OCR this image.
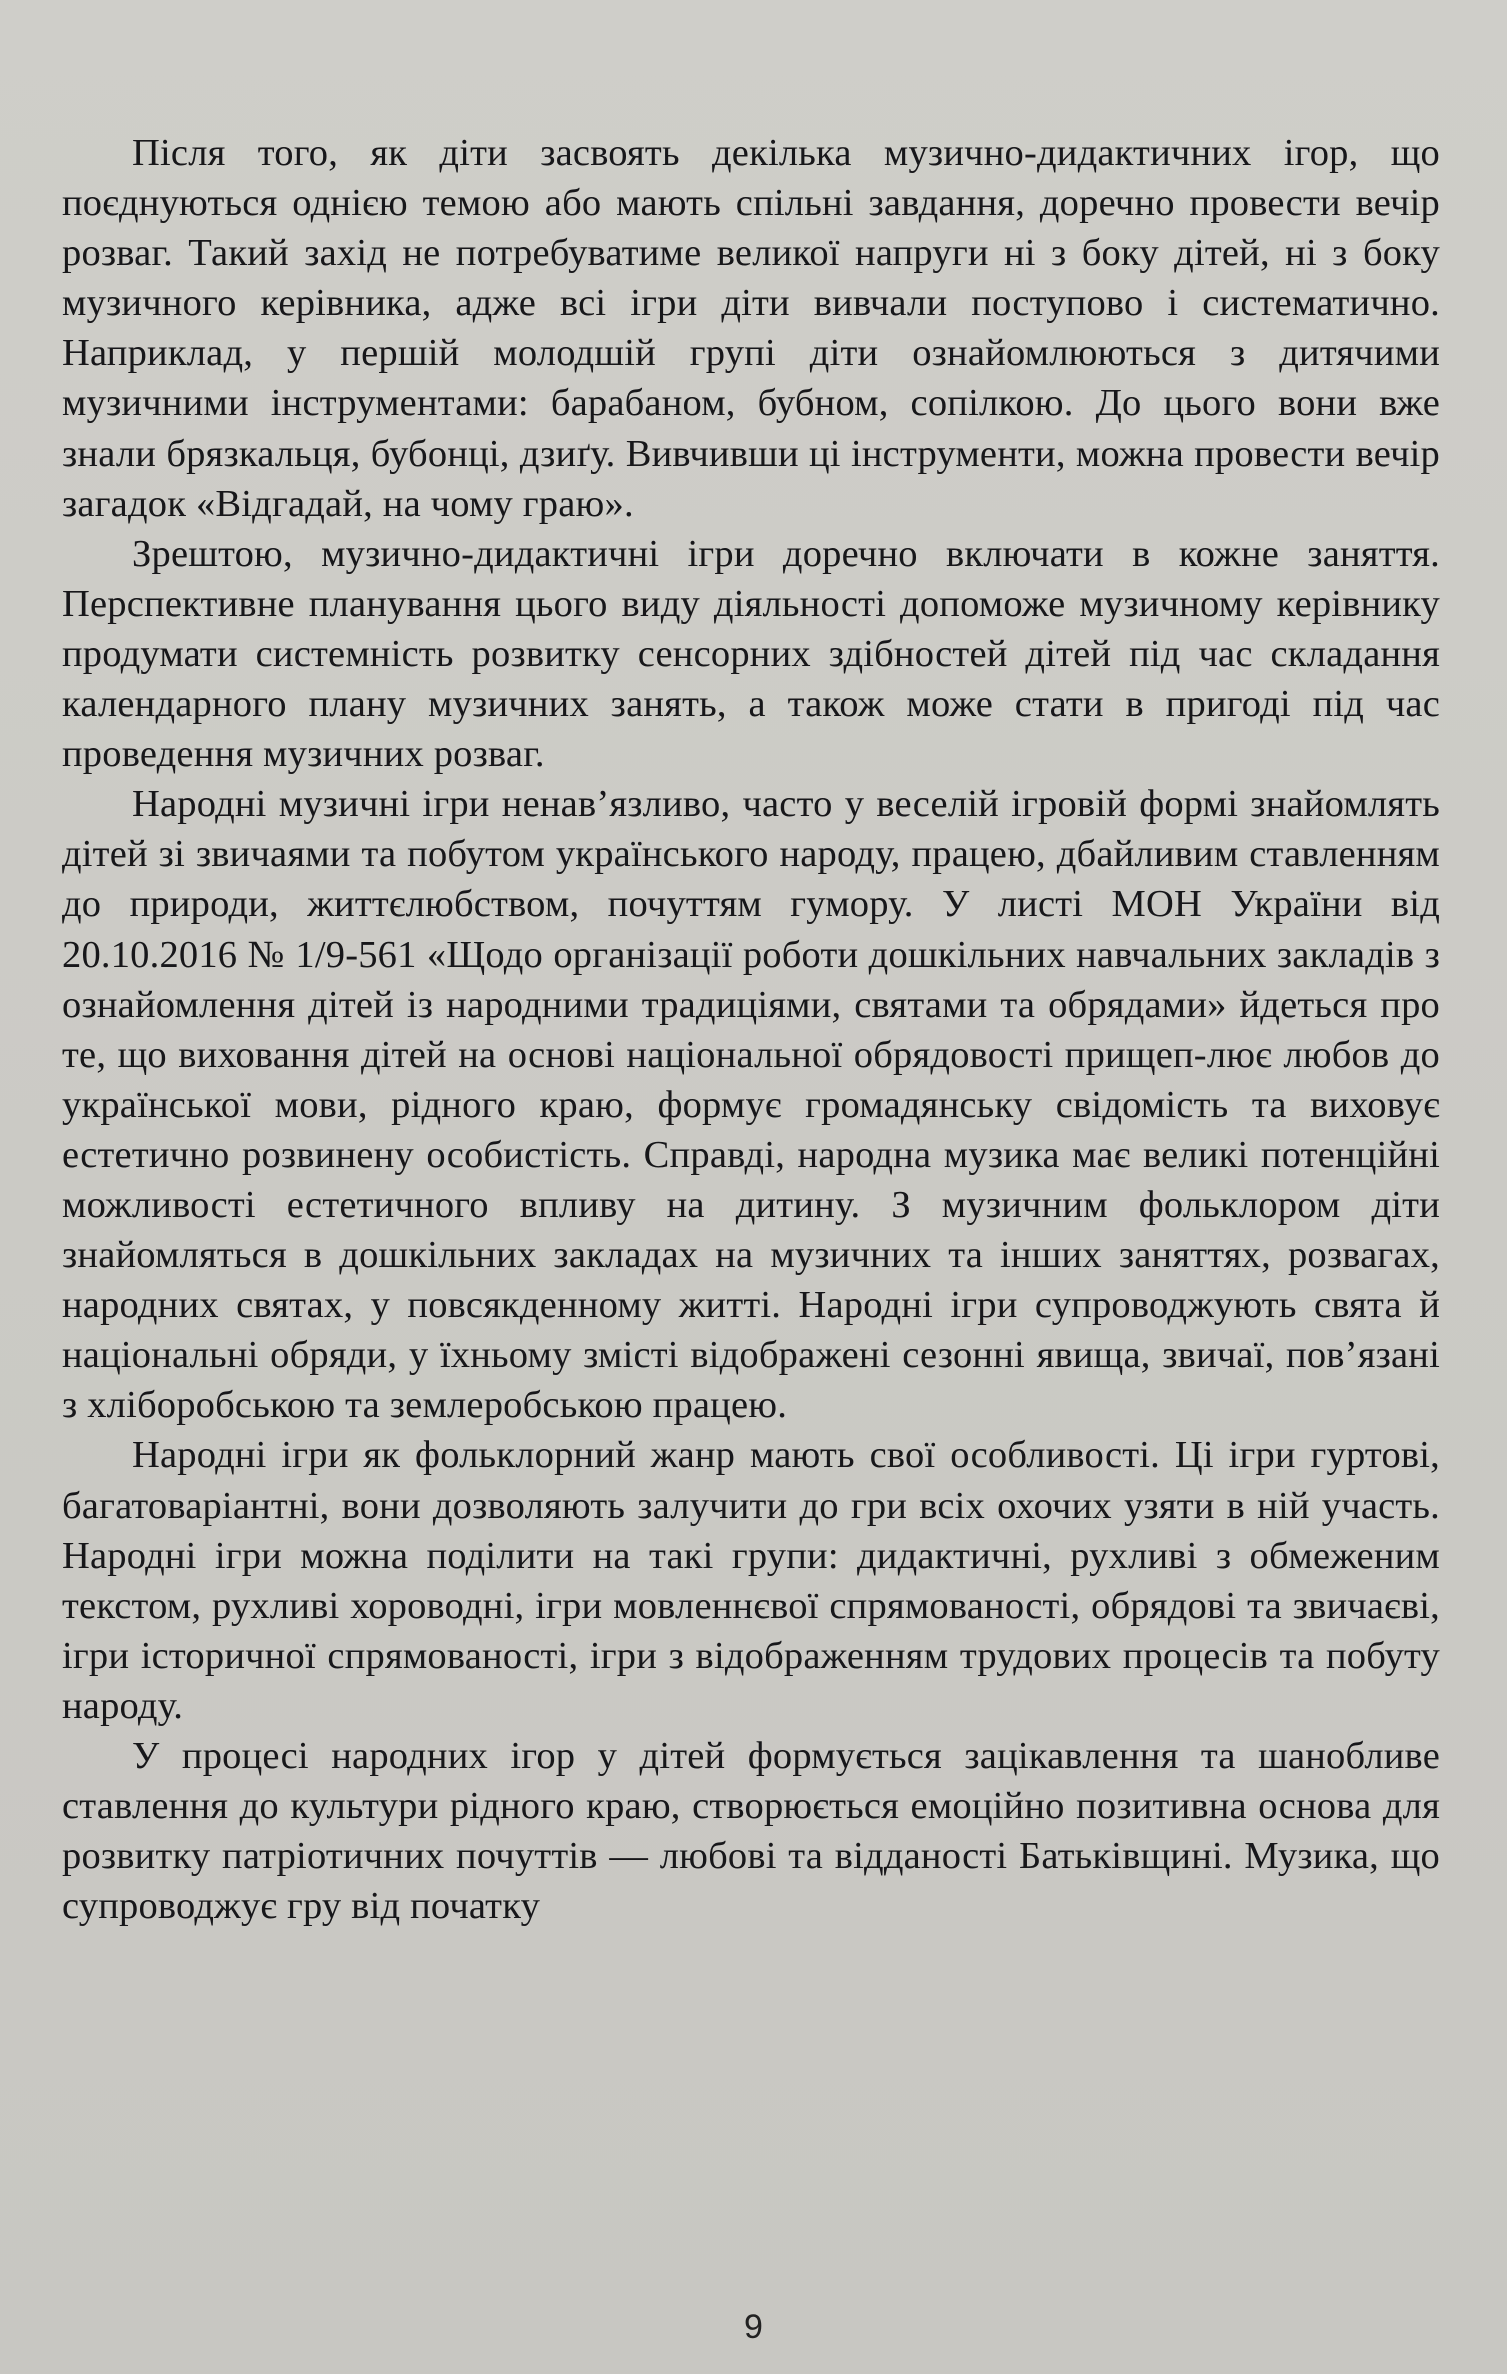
Після того, як діти засвоять декілька музично-дидактичних ігор, що поєднуються однією темою або мають спільні завдання, доречно провести вечір розваг. Такий захід не потребуватиме великої напруги ні з боку дітей, ні з боку музичного керівника, адже всі ігри діти вивчали поступово і систематично. Наприклад, у першій молодшій групі діти ознайомлюються з дитячими музичними інструментами: барабаном, бубном, сопілкою. До цього вони вже знали брязкальця, бубонці, дзиґу. Вивчивши ці інструменти, можна провести вечір загадок «Відгадай, на чому граю».

Зрештою, музично-дидактичні ігри доречно включати в кожне заняття. Перспективне планування цього виду діяльності допоможе музичному керівнику продумати системність розвитку сенсорних здібностей дітей під час складання календарного плану музичних занять, а також може стати в пригоді під час проведення музичних розваг.

Народні музичні ігри ненав’язливо, часто у веселій ігровій формі знайомлять дітей зі звичаями та побутом українського народу, працею, дбайливим ставленням до природи, життєлюбством, почуттям гумору. У листі МОН України від 20.10.2016 № 1/9-561 «Щодо організації роботи дошкільних навчальних закладів з ознайомлення дітей із народними традиціями, святами та обрядами» йдеться про те, що виховання дітей на основі національної обрядовості прищеп-лює любов до української мови, рідного краю, формує громадянську свідомість та виховує естетично розвинену особистість. Справді, народна музика має великі потенційні можливості естетичного впливу на дитину. З музичним фольклором діти знайомляться в дошкільних закладах на музичних та інших заняттях, розвагах, народних святах, у повсякденному житті. Народні ігри супроводжують свята й національні обряди, у їхньому змісті відображені сезонні явища, звичаї, пов’язані з хліборобською та землеробською працею.

Народні ігри як фольклорний жанр мають свої особливості. Ці ігри гуртові, багатоваріантні, вони дозволяють залучити до гри всіх охочих узяти в ній участь. Народні ігри можна поділити на такі групи: дидактичні, рухливі з обмеженим текстом, рухливі хороводні, ігри мовленнєвої спрямованості, обрядові та звичаєві, ігри історичної спрямованості, ігри з відображенням трудових процесів та побуту народу.

У процесі народних ігор у дітей формується зацікавлення та шанобливе ставлення до культури рідного краю, створюється емоційно позитивна основа для розвитку патріотичних почуттів — любові та відданості Батьківщині. Музика, що супроводжує гру від початку

9
